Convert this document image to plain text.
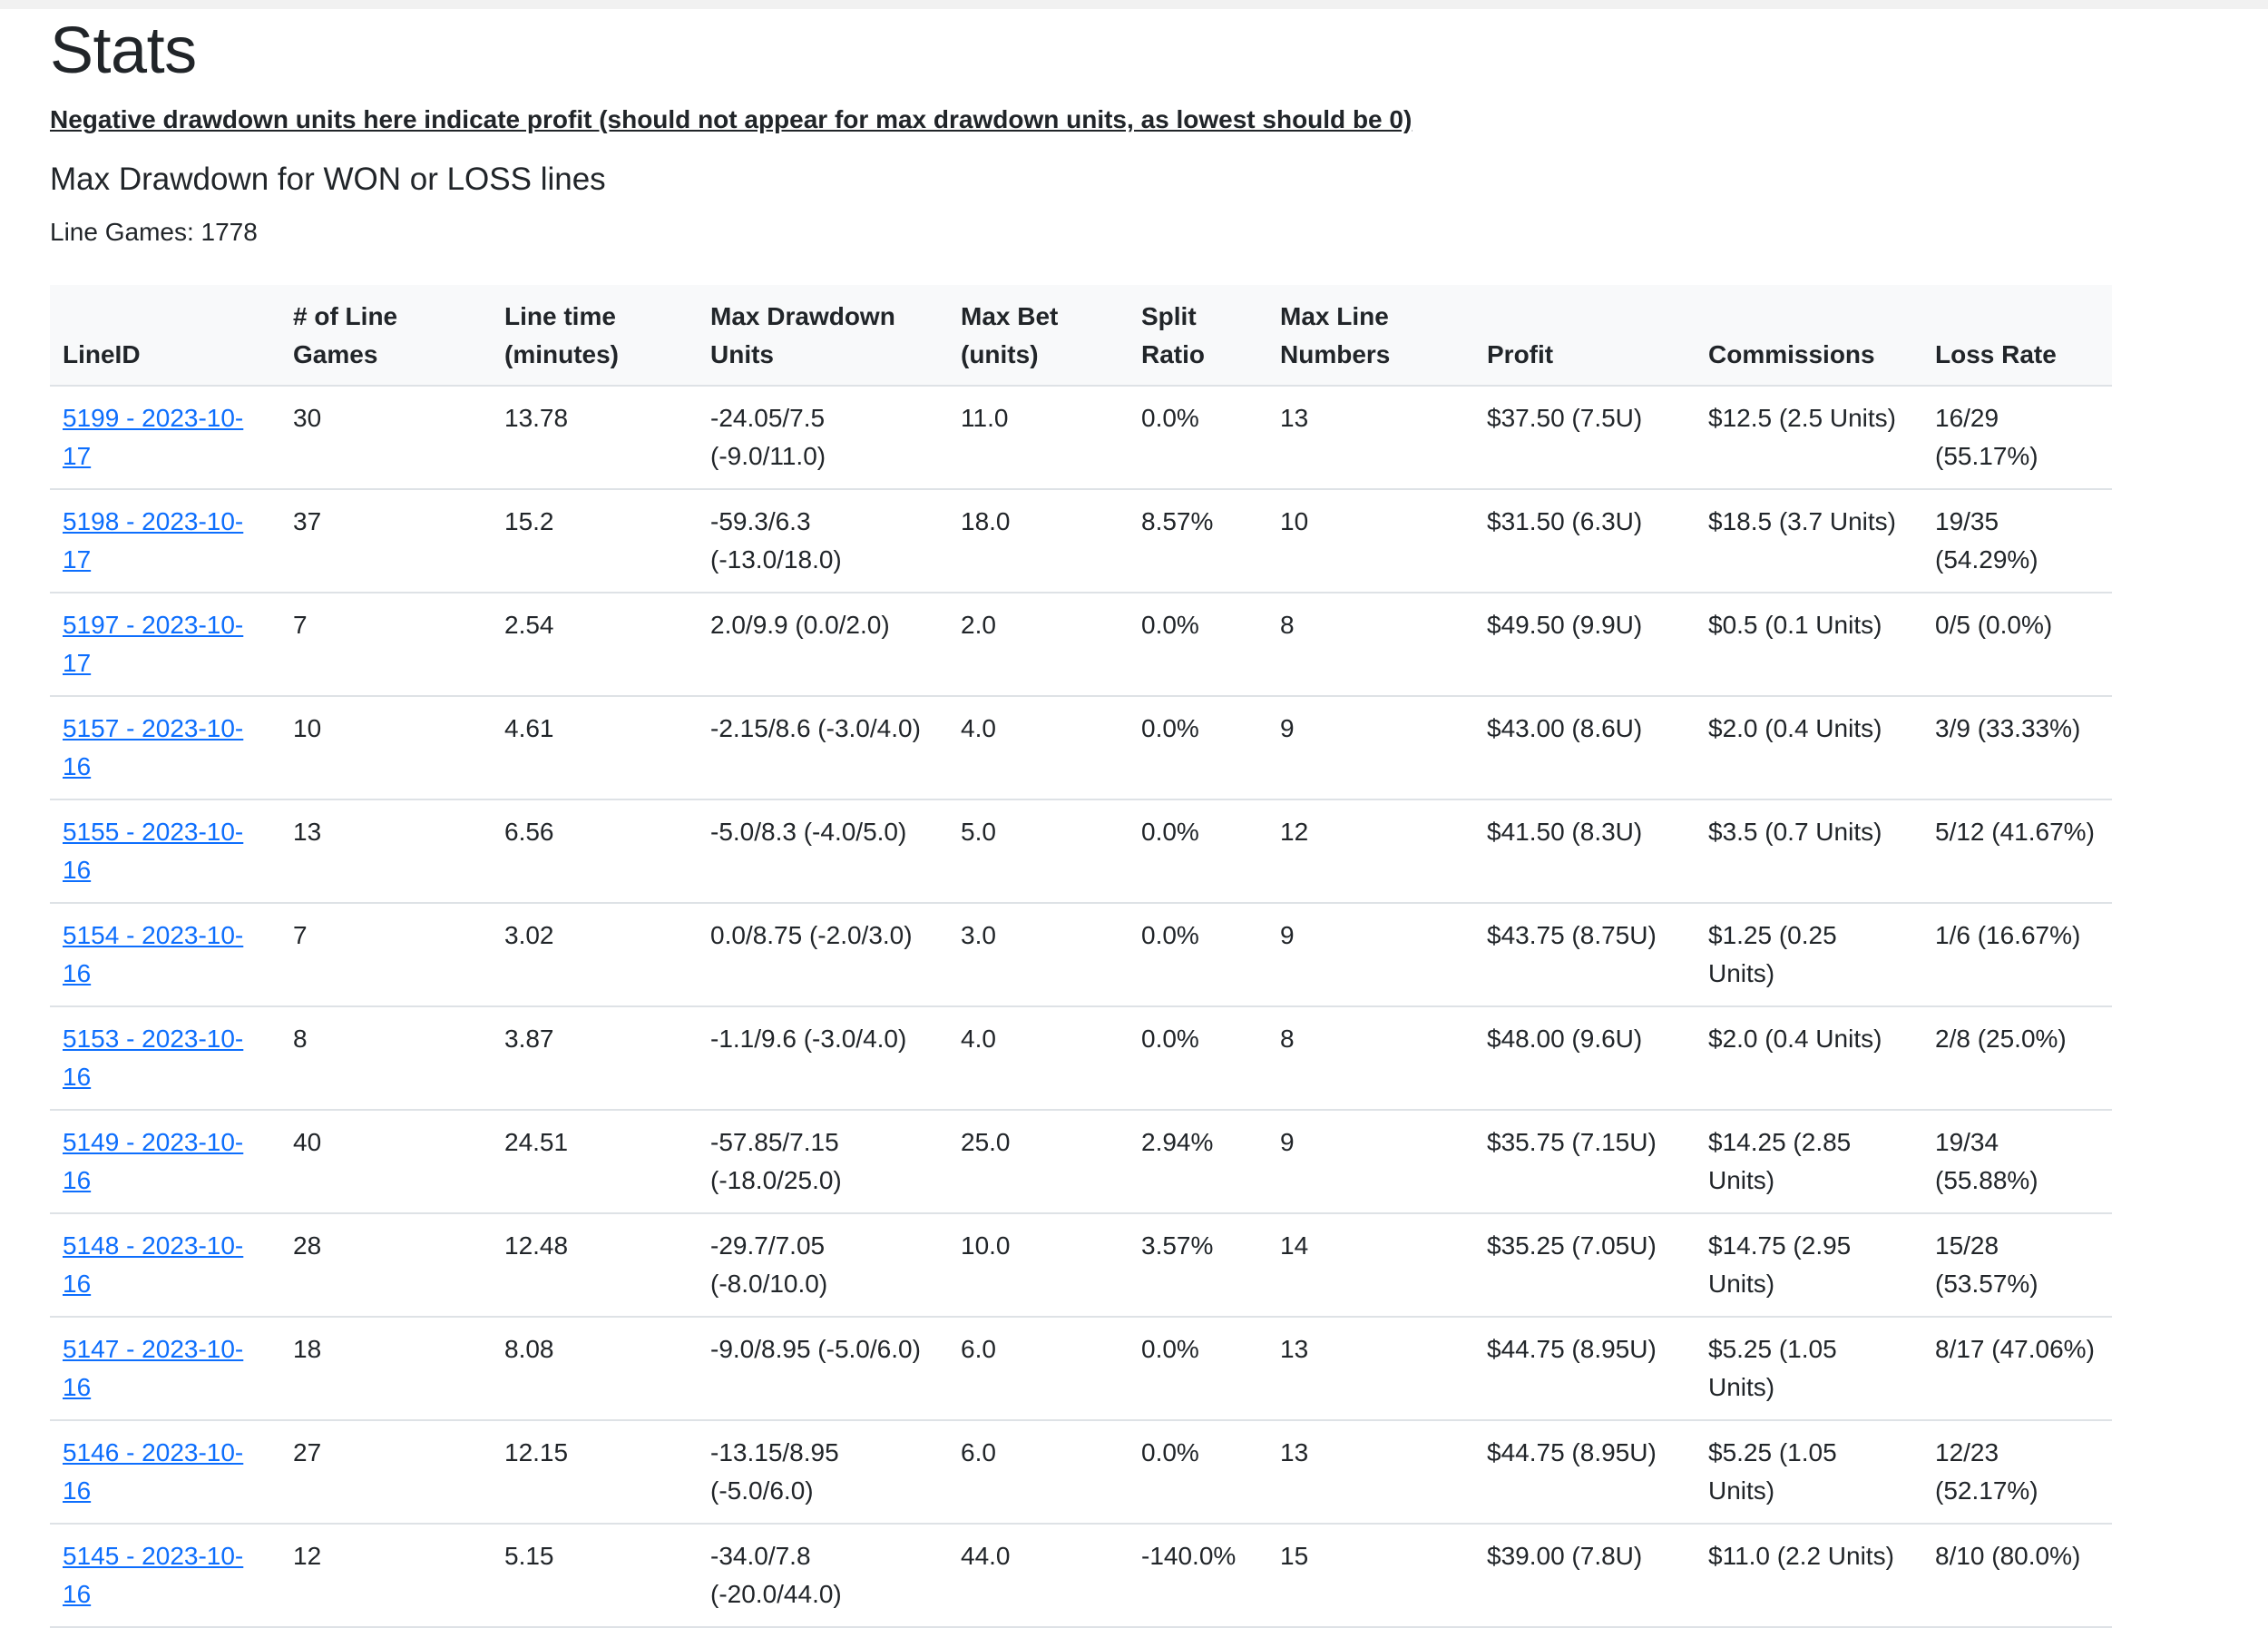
Stats
Negative drawdown units here indicate profit (should not appear for max drawdown units, as lowest should be 0)
Max Drawdown for WON or LOSS lines
Line Games: 1778
LineID	# of Line Games	Line time (minutes)	Max Drawdown Units	Max Bet (units)	Split Ratio	Max Line Numbers	Profit	Commissions	Loss Rate
5199 - 2023-10-17	30	13.78	-24.05/7.5 (-9.0/11.0)	11.0	0.0%	13	$37.50 (7.5U)	$12.5 (2.5 Units)	16/29 (55.17%)
5198 - 2023-10-17	37	15.2	-59.3/6.3 (-13.0/18.0)	18.0	8.57%	10	$31.50 (6.3U)	$18.5 (3.7 Units)	19/35 (54.29%)
5197 - 2023-10-17	7	2.54	2.0/9.9 (0.0/2.0)	2.0	0.0%	8	$49.50 (9.9U)	$0.5 (0.1 Units)	0/5 (0.0%)
5157 - 2023-10-16	10	4.61	-2.15/8.6 (-3.0/4.0)	4.0	0.0%	9	$43.00 (8.6U)	$2.0 (0.4 Units)	3/9 (33.33%)
5155 - 2023-10-16	13	6.56	-5.0/8.3 (-4.0/5.0)	5.0	0.0%	12	$41.50 (8.3U)	$3.5 (0.7 Units)	5/12 (41.67%)
5154 - 2023-10-16	7	3.02	0.0/8.75 (-2.0/3.0)	3.0	0.0%	9	$43.75 (8.75U)	$1.25 (0.25 Units)	1/6 (16.67%)
5153 - 2023-10-16	8	3.87	-1.1/9.6 (-3.0/4.0)	4.0	0.0%	8	$48.00 (9.6U)	$2.0 (0.4 Units)	2/8 (25.0%)
5149 - 2023-10-16	40	24.51	-57.85/7.15 (-18.0/25.0)	25.0	2.94%	9	$35.75 (7.15U)	$14.25 (2.85 Units)	19/34 (55.88%)
5148 - 2023-10-16	28	12.48	-29.7/7.05 (-8.0/10.0)	10.0	3.57%	14	$35.25 (7.05U)	$14.75 (2.95 Units)	15/28 (53.57%)
5147 - 2023-10-16	18	8.08	-9.0/8.95 (-5.0/6.0)	6.0	0.0%	13	$44.75 (8.95U)	$5.25 (1.05 Units)	8/17 (47.06%)
5146 - 2023-10-16	27	12.15	-13.15/8.95 (-5.0/6.0)	6.0	0.0%	13	$44.75 (8.95U)	$5.25 (1.05 Units)	12/23 (52.17%)
5145 - 2023-10-16	12	5.15	-34.0/7.8 (-20.0/44.0)	44.0	-140.0%	15	$39.00 (7.8U)	$11.0 (2.2 Units)	8/10 (80.0%)
